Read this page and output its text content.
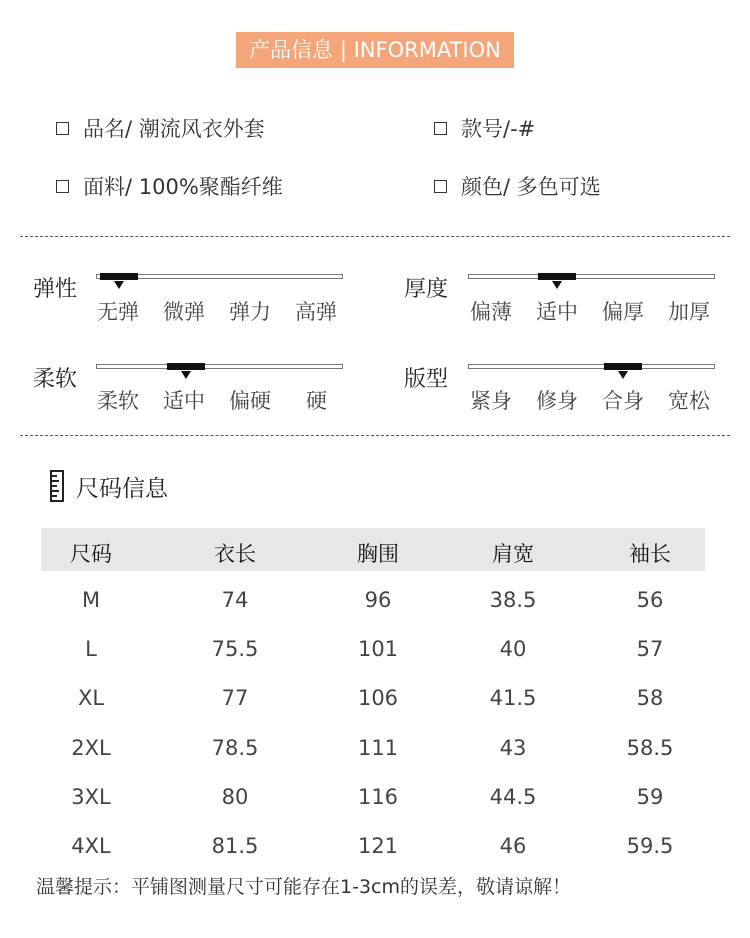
产品信息 | INFORMATION
品名/ 潮流风衣外套	款号/-#
面料/ 100%聚酯纤维	颜色/ 多色可选
弹性
无弹 微弹 弹力 高弹
厚度
偏薄 适中 偏厚 加厚
柔软
柔软 适中 偏硬 硬
版型
紧身 修身 合身 宽松
尺码信息
尺码	衣长	胸围	肩宽	袖长
M	74	96	38.5	56
L	75.5	101	40	57
XL	77	106	41.5	58
2XL	78.5	111	43	58.5
3XL	80	116	44.5	59
4XL	81.5	121	46	59.5
温馨提示：平铺图测量尺寸可能存在1-3cm的误差，敬请谅解！
